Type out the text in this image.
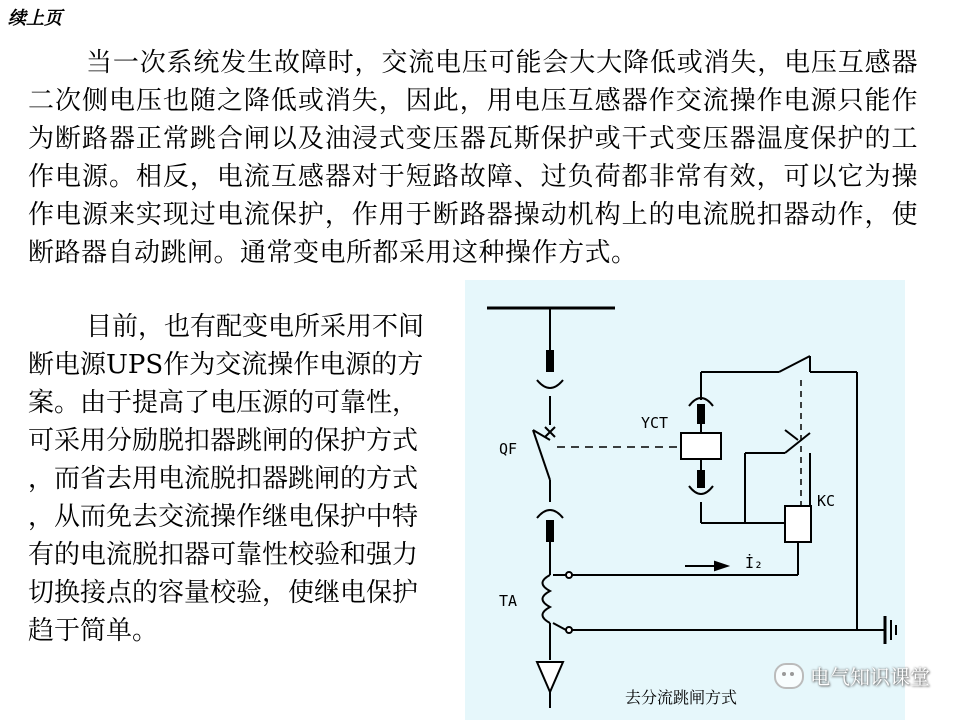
续上页
当一次系统发生故障时，交流电压可能会大大降低或消失，电压互感器二次侧电压也随之降低或消失，因此，用电压互感器作交流操作电源只能作为断路器正常跳合闸以及油浸式变压器瓦斯保护或干式变压器温度保护的工作电源。相反，电流互感器对于短路故障、过负荷都非常有效，可以它为操作电源来实现过电流保护，作用于断路器操动机构上的电流脱扣器动作，使断路器自动跳闸。通常变电所都采用这种操作方式。
目前，也有配变电所采用不间
断电源UPS作为交流操作电源的方
案。由于提高了电压源的可靠性，
可采用分励脱扣器跳闸的保护方式
，而省去用电流脱扣器跳闸的方式
，从而免去交流操作继电保护中特
有的电流脱扣器可靠性校验和强力
切换接点的容量校验，使继电保护
趋于简单。
QF
YCT
KC
TA
İ₂
去分流跳闸方式
电气知识课堂
